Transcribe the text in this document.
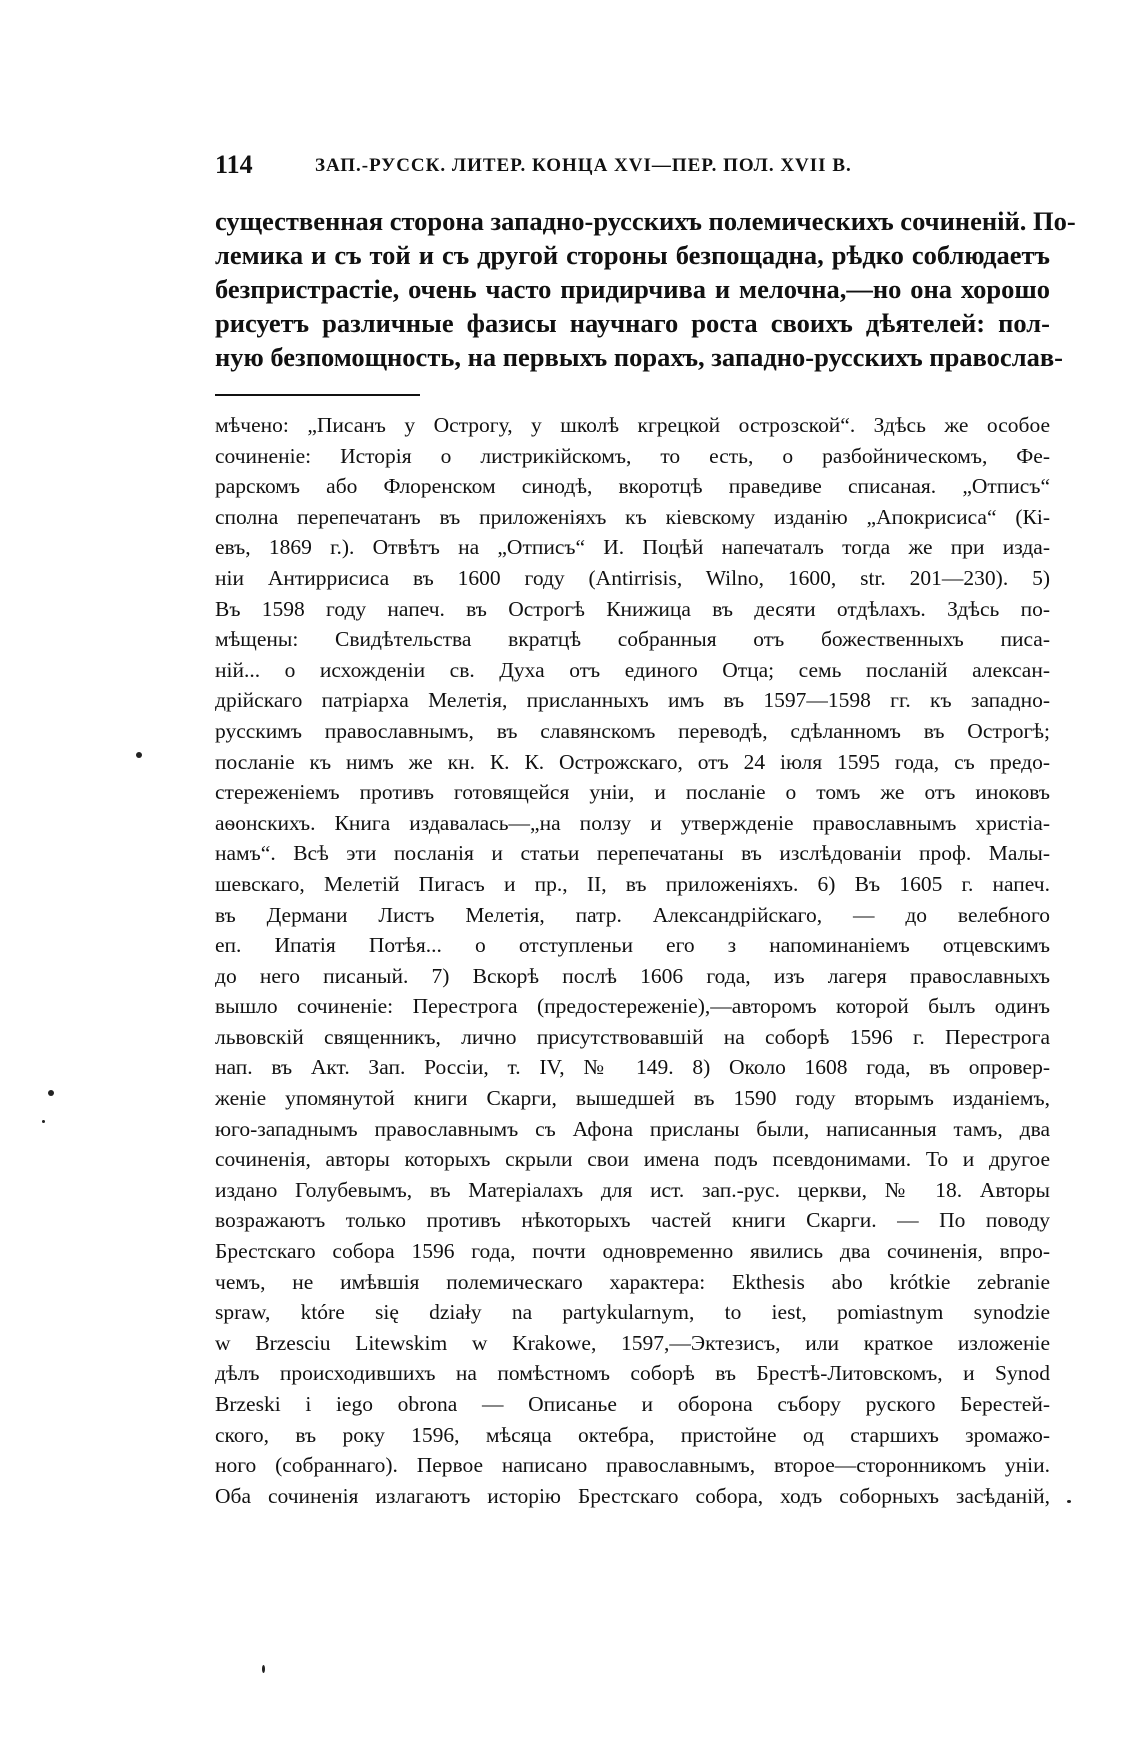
114	ЗАП.-РУССК. ЛИТЕР. КОНЦА XVI—ПЕР. ПОЛ. XVII В.
существенная сторона западно-русскихъ полемическихъ сочиненій. По-
лемика и съ той и съ другой стороны безпощадна, рѣдко соблюдаетъ
безпристрастіе, очень часто придирчива и мелочна,—но она хорошо
рисуетъ различные фазисы научнаго роста своихъ дѣятелей: пол-
ную безпомощность, на первыхъ порахъ, западно-русскихъ православ-
мѣчено: „Писанъ у Острогу, у школѣ кгрецкой острозской“. Здѣсь же особое
сочиненіе: Исторія о листрикійскомъ, то есть, о разбойническомъ, Фе-
рарскомъ або Флоренском синодѣ, вкоротцѣ праведиве списаная. „Отписъ“
сполна перепечатанъ въ приложеніяхъ къ кіевскому изданію „Апокрисиса“ (Кі-
евъ, 1869 г.). Отвѣтъ на „Отписъ“ И. Поцѣй напечаталъ тогда же при изда-
ніи Антиррисиса въ 1600 году (Antirrisis, Wilno, 1600, str. 201—230). 5)
Въ 1598 году напеч. въ Острогѣ Книжица въ десяти отдѣлахъ. Здѣсь по-
мѣщены: Свидѣтельства вкратцѣ собранныя отъ божественныхъ писа-
ній... о исхожденіи св. Духа отъ единого Отца; семь посланій алексан-
дрійскаго патріарха Мелетія, присланныхъ имъ въ 1597—1598 гг. къ западно-
русскимъ православнымъ, въ славянскомъ переводѣ, сдѣланномъ въ Острогѣ;
посланіе къ нимъ же кн. К. К. Острожскаго, отъ 24 іюля 1595 года, съ предо-
стереженіемъ противъ готовящейся уніи, и посланіе о томъ же отъ иноковъ
аѳонскихъ. Книга издавалась—„на ползу и утвержденіе православнымъ христіа-
намъ“. Всѣ эти посланія и статьи перепечатаны въ изслѣдованіи проф. Малы-
шевскаго, Мелетій Пигасъ и пр., II, въ приложеніяхъ. 6) Въ 1605 г. напеч.
въ Дермани Листъ Мелетія, патр. Александрійскаго, — до велебного
еп. Ипатія Потѣя... о отступленьи его з напоминаніемъ отцевскимъ
до него писаный. 7) Вскорѣ послѣ 1606 года, изъ лагеря православныхъ
вышло сочиненіе: Перестрога (предостереженіе),—авторомъ которой былъ одинъ
львовскій священникъ, лично присутствовавшій на соборѣ 1596 г. Перестрога
нап. въ Акт. Зап. Россіи, т. IV, № 149. 8) Около 1608 года, въ опровер-
женіе упомянутой книги Скарги, вышедшей въ 1590 году вторымъ изданіемъ,
юго-западнымъ православнымъ съ Афона присланы были, написанныя тамъ, два
сочиненія, авторы которыхъ скрыли свои имена подъ псевдонимами. То и другое
издано Голубевымъ, въ Матеріалахъ для ист. зап.-рус. церкви, № 18. Авторы
возражаютъ только противъ нѣкоторыхъ частей книги Скарги. — По поводу
Брестскаго собора 1596 года, почти одновременно явились два сочиненія, впро-
чемъ, не имѣвшія полемическаго характера: Ekthesis abo krótkie zebranie
spraw, które się działy na partykularnym, to iest, pomiastnym synodzie
w Brzesciu Litewskim w Krakowe, 1597,—Эктезисъ, или краткое изложеніе
дѣлъ происходившихъ на помѣстномъ соборѣ въ Брестѣ-Литовскомъ, и Synod
Brzeski i iego obrona — Описанье и оборона събору руского Берестей-
ского, въ року 1596, мѣсяца октебра, пристойне од старшихъ зромажо-
ного (собраннаго). Первое написано православнымъ, второе—сторонникомъ уніи.
Оба сочиненія излагаютъ исторію Брестскаго собора, ходъ соборныхъ засѣданій,
